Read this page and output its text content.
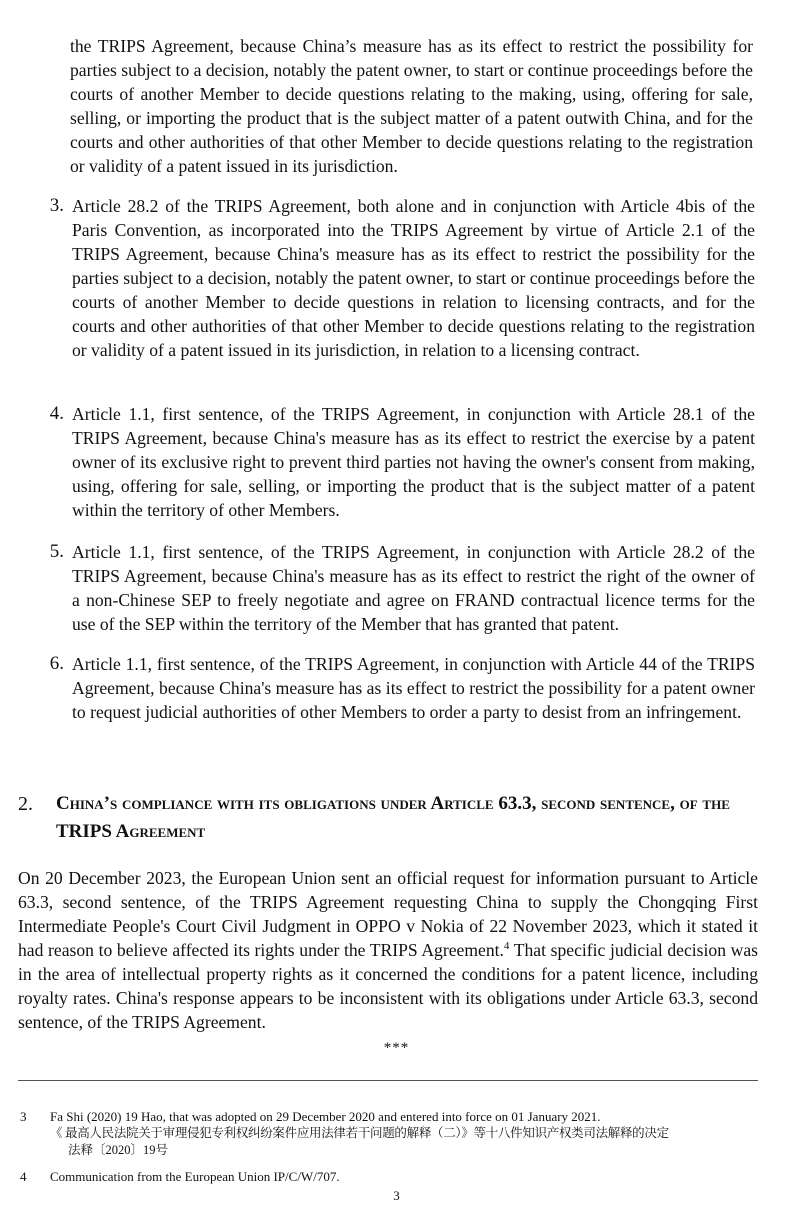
the TRIPS Agreement, because China’s measure has as its effect to restrict the possibility for parties subject to a decision, notably the patent owner, to start or continue proceedings before the courts of another Member to decide questions relating to the making, using, offering for sale, selling, or importing the product that is the subject matter of a patent outwith China, and for the courts and other authorities of that other Member to decide questions relating to the registration or validity of a patent issued in its jurisdiction.

3. Article 28.2 of the TRIPS Agreement, both alone and in conjunction with Article 4bis of the Paris Convention, as incorporated into the TRIPS Agreement by virtue of Article 2.1 of the TRIPS Agreement, because China's measure has as its effect to restrict the possibility for the parties subject to a decision, notably the patent owner, to start or continue proceedings before the courts of another Member to decide questions in relation to licensing contracts, and for the courts and other authorities of that other Member to decide questions relating to the registration or validity of a patent issued in its jurisdiction, in relation to a licensing contract.

4. Article 1.1, first sentence, of the TRIPS Agreement, in conjunction with Article 28.1 of the TRIPS Agreement, because China's measure has as its effect to restrict the exercise by a patent owner of its exclusive right to prevent third parties not having the owner's consent from making, using, offering for sale, selling, or importing the product that is the subject matter of a patent within the territory of other Members.

5. Article 1.1, first sentence, of the TRIPS Agreement, in conjunction with Article 28.2 of the TRIPS Agreement, because China's measure has as its effect to restrict the right of the owner of a non-Chinese SEP to freely negotiate and agree on FRAND contractual licence terms for the use of the SEP within the territory of the Member that has granted that patent.

6. Article 1.1, first sentence, of the TRIPS Agreement, in conjunction with Article 44 of the TRIPS Agreement, because China's measure has as its effect to restrict the possibility for a patent owner to request judicial authorities of other Members to order a party to desist from an infringement.

2. China’s compliance with its obligations under Article 63.3, second sentence, of the TRIPS Agreement

On 20 December 2023, the European Union sent an official request for information pursuant to Article 63.3, second sentence, of the TRIPS Agreement requesting China to supply the Chongqing First Intermediate People's Court Civil Judgment in OPPO v Nokia of 22 November 2023, which it stated it had reason to believe affected its rights under the TRIPS Agreement.$^4$ That specific judicial decision was in the area of intellectual property rights as it concerned the conditions for a patent licence, including royalty rates. China's response appears to be inconsistent with its obligations under Article 63.3, second sentence, of the TRIPS Agreement.

***
3 Fa Shi (2020) 19 Hao, that was adopted on 29 December 2020 and entered into force on 01 January 2021.
《 最高人民法院关于审理侵犯专利权纠纷案件应用法律若干问题的解释（二）》等十八件知识产权类司法解释的决定
法释〔2020〕19号
4 Communication from the European Union IP/C/W/707.
3
